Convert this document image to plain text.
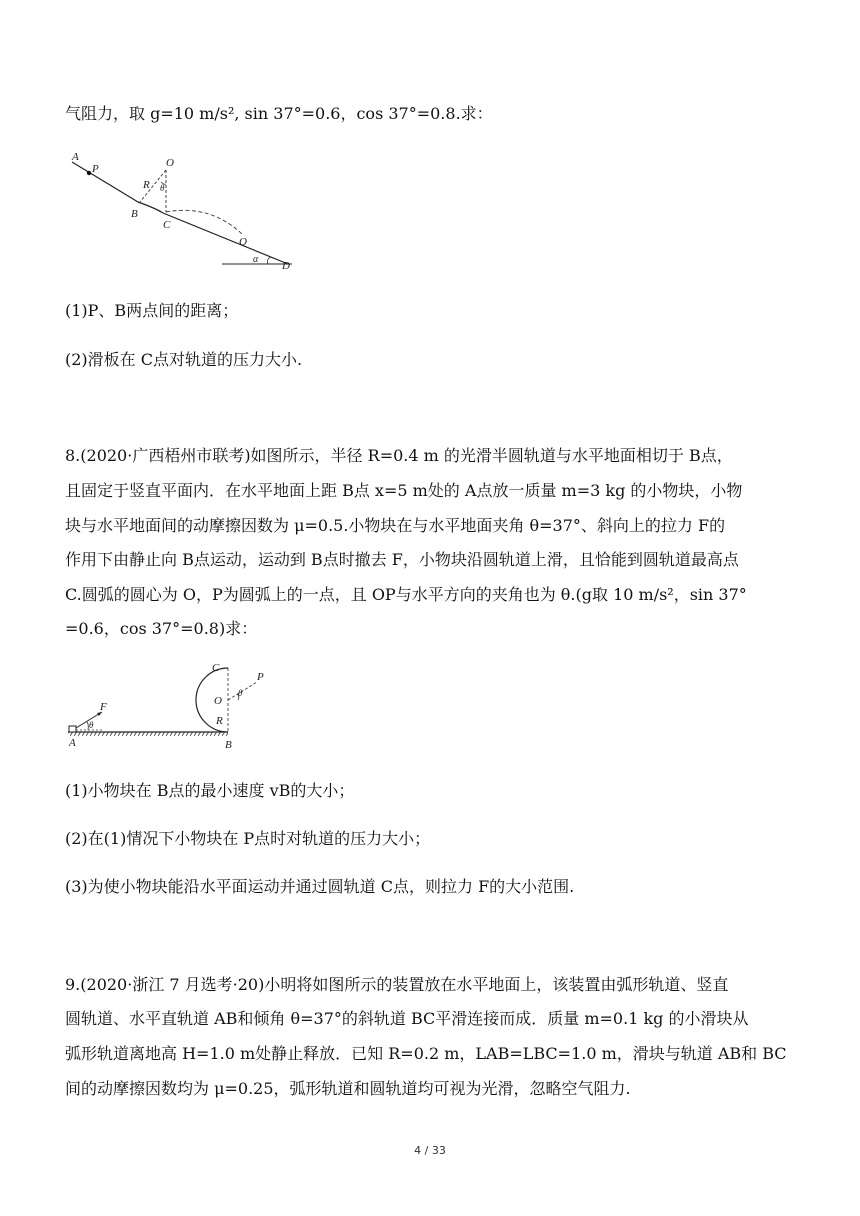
气阻力，取 g=10 m/s², sin 37°=0.6，cos 37°=0.8.求：
A
P	O
R θ
B
C
Q
α
D
(1)P、B两点间的距离；
(2)滑板在 C点对轨道的压力大小.
8.(2020·广西梧州市联考)如图所示，半径 R=0.4 m 的光滑半圆轨道与水平地面相切于 B点，
且固定于竖直平面内．在水平地面上距 B点 x=5 m处的 A点放一质量 m=3 kg 的小物块，小物
块与水平地面间的动摩擦因数为 μ=0.5.小物块在与水平地面夹角 θ=37°、斜向上的拉力 F的
作用下由静止向 B点运动，运动到 B点时撤去 F，小物块沿圆轨道上滑，且恰能到圆轨道最高点
C.圆弧的圆心为 O，P为圆弧上的一点，且 OP与水平方向的夹角也为 θ.(g取 10 m/s²，sin 37°
=0.6，cos 37°=0.8)求：
C
P
O
θ
R
F
θ
A	B
(1)小物块在 B点的最小速度 vB的大小；
(2)在(1)情况下小物块在 P点时对轨道的压力大小；
(3)为使小物块能沿水平面运动并通过圆轨道 C点，则拉力 F的大小范围.
9.(2020·浙江 7 月选考·20)小明将如图所示的装置放在水平地面上，该装置由弧形轨道、竖直
圆轨道、水平直轨道 AB和倾角 θ=37°的斜轨道 BC平滑连接而成．质量 m=0.1 kg 的小滑块从
弧形轨道离地高 H=1.0 m处静止释放．已知 R=0.2 m，LAB=LBC=1.0 m，滑块与轨道 AB和 BC
间的动摩擦因数均为 μ=0.25，弧形轨道和圆轨道均可视为光滑，忽略空气阻力.
4 / 33
